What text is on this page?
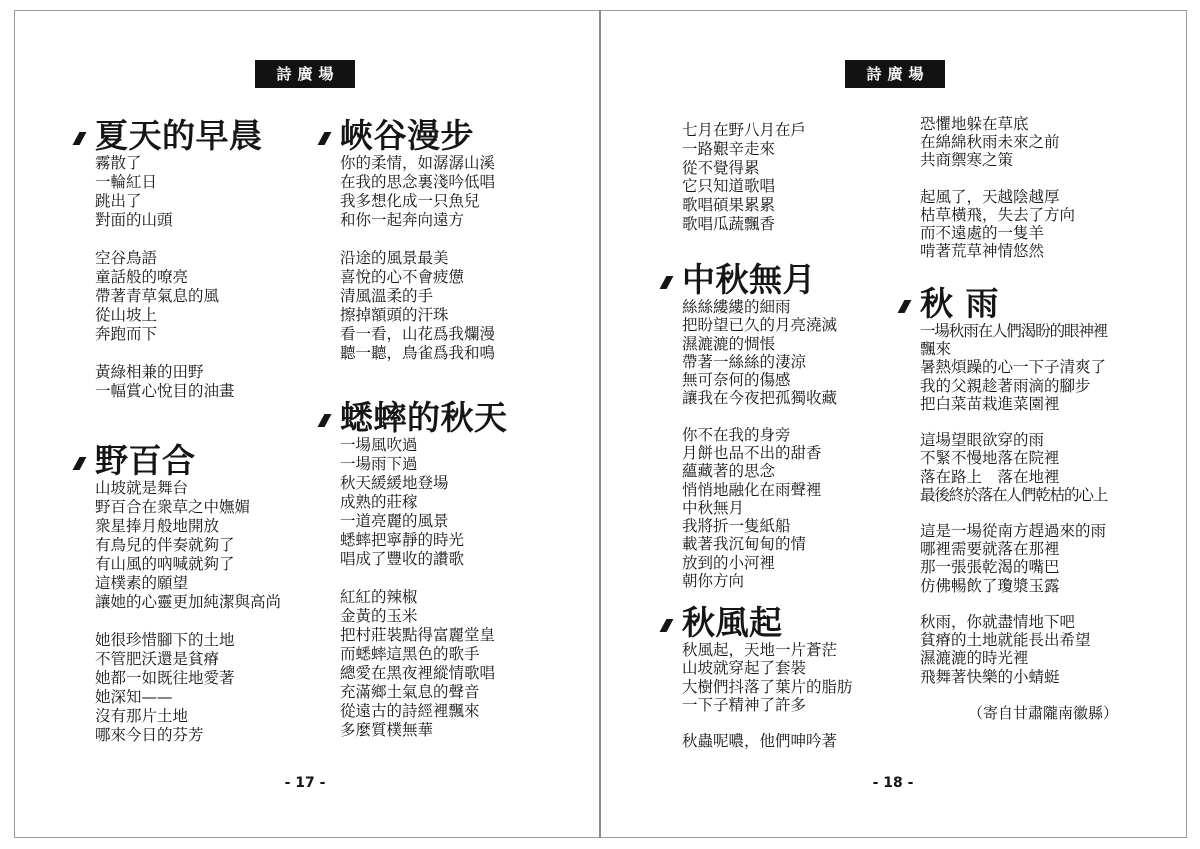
詩廣場
夏天的早晨
霧散了
一輪紅日
跳出了
對面的山頭
空谷鳥語
童話般的嘹亮
帶著青草氣息的風
從山坡上
奔跑而下
黃綠相兼的田野
一幅賞心悅目的油畫
野百合
山坡就是舞台
野百合在衆草之中嫵媚
衆星捧月般地開放
有鳥兒的伴奏就夠了
有山風的吶喊就夠了
這樸素的願望
讓她的心靈更加純潔與高尚
她很珍惜腳下的土地
不管肥沃還是貧瘠
她都一如既往地愛著
她深知——
沒有那片土地
哪來今日的芬芳
峽谷漫步
你的柔情，如潺潺山溪
在我的思念裏淺吟低唱
我多想化成一只魚兒
和你一起奔向遠方
沿途的風景最美
喜悅的心不會疲憊
清風溫柔的手
擦掉額頭的汗珠
看一看，山花爲我爛漫
聽一聽，鳥雀爲我和鳴
蟋蟀的秋天
一場風吹過
一場雨下過
秋天緩緩地登場
成熟的莊稼
一道亮麗的風景
蟋蟀把寧靜的時光
唱成了豐收的讚歌
紅紅的辣椒
金黃的玉米
把村莊裝點得富麗堂皇
而蟋蟀這黑色的歌手
總愛在黑夜裡縱情歌唱
充滿鄉土氣息的聲音
從遠古的詩經裡飄來
多麼質樸無華
- 17 -
詩廣場
七月在野八月在戶
一路艱辛走來
從不覺得累
它只知道歌唱
歌唱碩果累累
歌唱瓜蔬飄香
中秋無月
絲絲縷縷的細雨
把盼望已久的月亮澆滅
濕漉漉的惆悵
帶著一絲絲的淒涼
無可奈何的傷感
讓我在今夜把孤獨收藏
你不在我的身旁
月餅也品不出的甜香
蘊藏著的思念
悄悄地融化在雨聲裡
中秋無月
我將折一隻紙船
載著我沉甸甸的情
放到的小河裡
朝你方向
秋風起
秋風起，天地一片蒼茫
山坡就穿起了套裝
大樹們抖落了葉片的脂肪
一下子精神了許多
秋蟲呢噥，他們呻吟著
恐懼地躲在草底
在綿綿秋雨未來之前
共商禦寒之策
起風了，天越陰越厚
枯草橫飛，失去了方向
而不遠處的一隻羊
啃著荒草神情悠然
秋 雨
一場秋雨在人們渴盼的眼神裡
飄來
暑熱煩躁的心一下子清爽了
我的父親趁著雨滴的腳步
把白菜苗栽進菜園裡
這場望眼欲穿的雨
不緊不慢地落在院裡
落在路上　落在地裡
最後終於落在人們乾枯的心上
這是一場從南方趕過來的雨
哪裡需要就落在那裡
那一張張乾渴的嘴巴
仿佛暢飲了瓊漿玉露
秋雨，你就盡情地下吧
貧瘠的土地就能長出希望
濕漉漉的時光裡
飛舞著快樂的小蜻蜓
（寄自甘肅隴南徽縣）
- 18 -
